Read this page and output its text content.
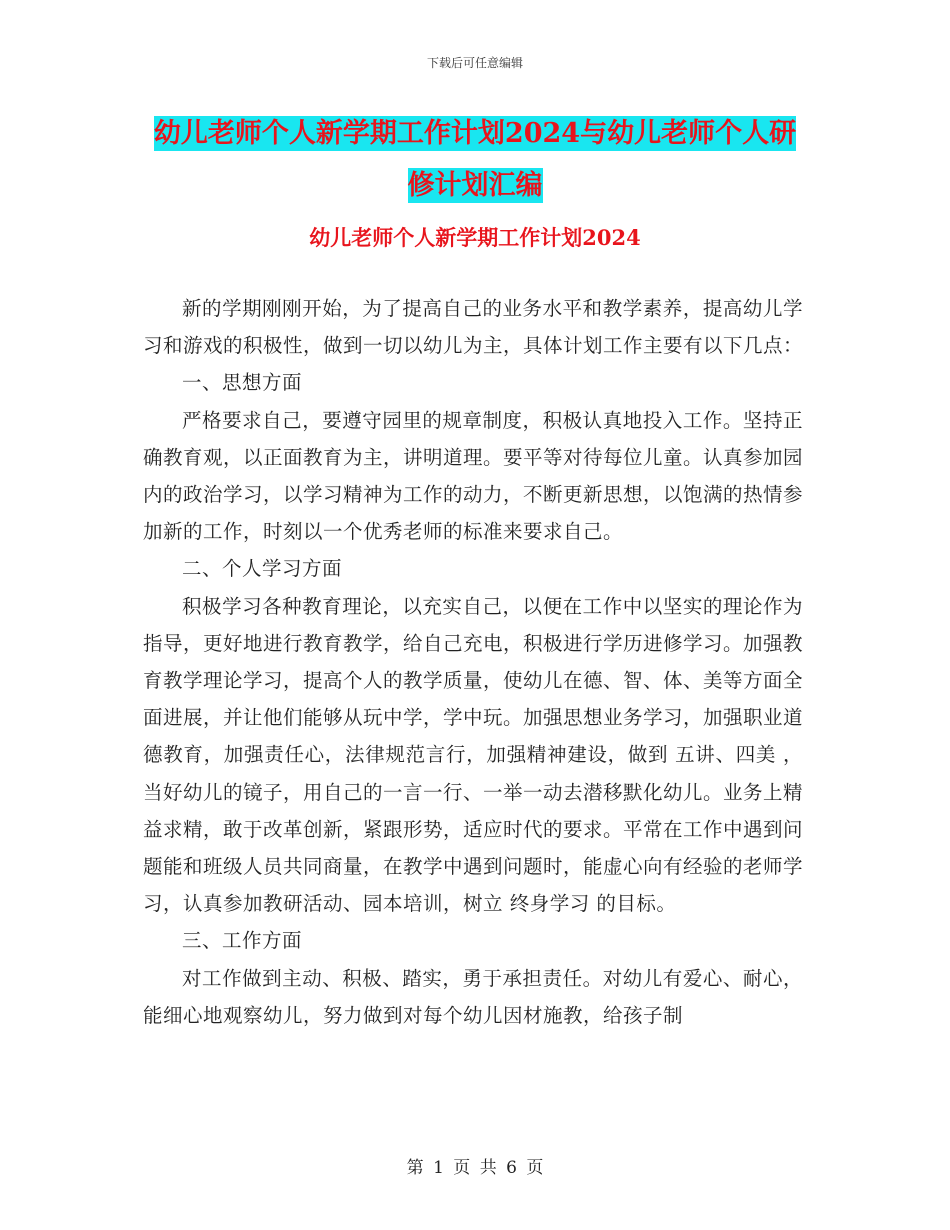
下载后可任意编辑
幼儿老师个人新学期工作计划2024与幼儿老师个人研
修计划汇编
幼儿老师个人新学期工作计划2024

新的学期刚刚开始，为了提高自己的业务水平和教学素养，提高幼儿学习和游戏的积极性，做到一切以幼儿为主，具体计划工作主要有以下几点：

一、思想方面

严格要求自己，要遵守园里的规章制度，积极认真地投入工作。坚持正确教育观，以正面教育为主，讲明道理。要平等对待每位儿童。认真参加园内的政治学习，以学习精神为工作的动力，不断更新思想，以饱满的热情参加新的工作，时刻以一个优秀老师的标准来要求自己。

二、个人学习方面

积极学习各种教育理论，以充实自己，以便在工作中以坚实的理论作为指导，更好地进行教育教学，给自己充电，积极进行学历进修学习。加强教育教学理论学习，提高个人的教学质量，使幼儿在德、智、体、美等方面全面进展，并让他们能够从玩中学，学中玩。加强思想业务学习，加强职业道德教育，加强责任心，法律规范言行，加强精神建设，做到 五讲、四美 ，当好幼儿的镜子，用自己的一言一行、一举一动去潜移默化幼儿。业务上精益求精，敢于改革创新，紧跟形势，适应时代的要求。平常在工作中遇到问题能和班级人员共同商量，在教学中遇到问题时，能虚心向有经验的老师学习，认真参加教研活动、园本培训，树立 终身学习 的目标。

三、工作方面

对工作做到主动、积极、踏实，勇于承担责任。对幼儿有爱心、耐心，能细心地观察幼儿，努力做到对每个幼儿因材施教，给孩子制

第 1 页 共 6 页
